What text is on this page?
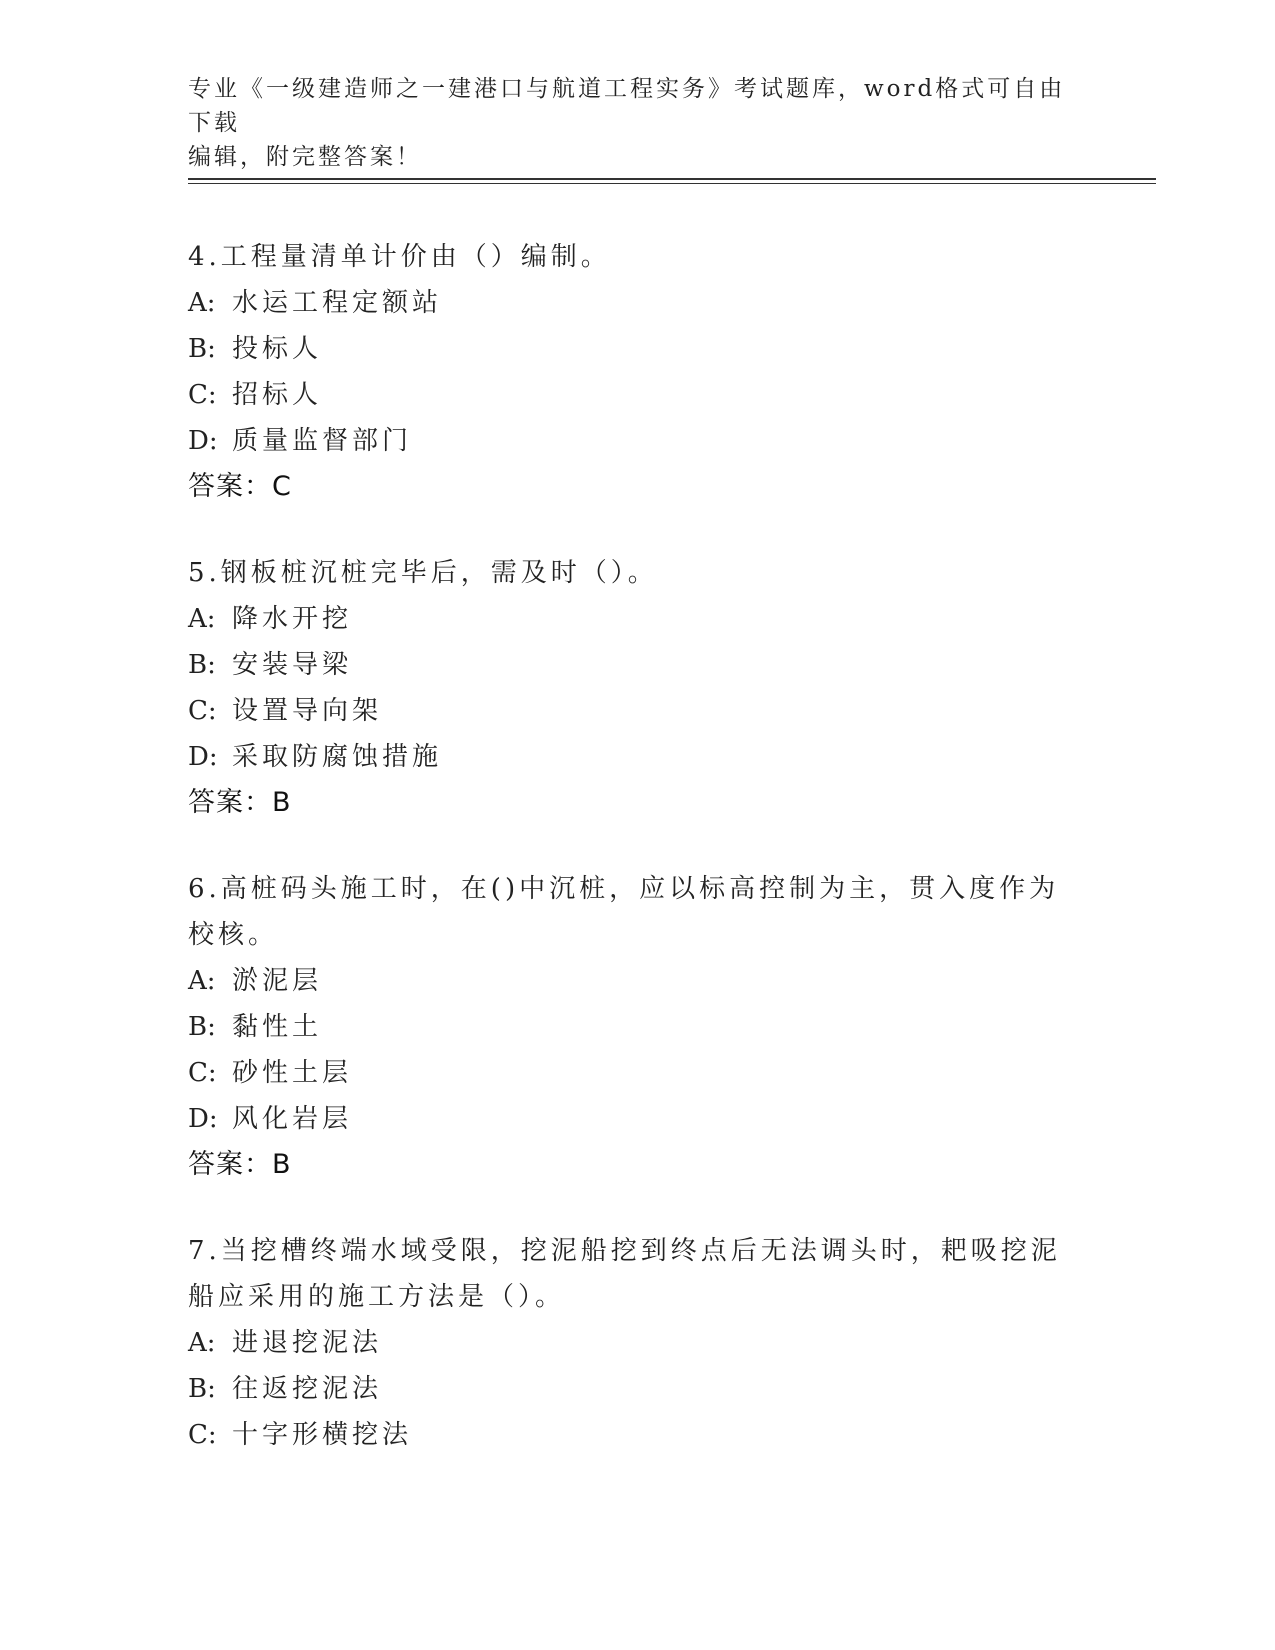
专业《一级建造师之一建港口与航道工程实务》考试题库，word格式可自由下载
编辑，附完整答案！
4.工程量清单计价由（）编制。
A: 水运工程定额站
B: 投标人
C: 招标人
D: 质量监督部门
答案：C
5.钢板桩沉桩完毕后，需及时（）。
A: 降水开挖
B: 安装导梁
C: 设置导向架
D: 采取防腐蚀措施
答案：B
6.高桩码头施工时，在()中沉桩，应以标高控制为主，贯入度作为校核。
A: 淤泥层
B: 黏性土
C: 砂性土层
D: 风化岩层
答案：B
7.当挖槽终端水域受限，挖泥船挖到终点后无法调头时，耙吸挖泥船应采用的施工方法是（）。
A: 进退挖泥法
B: 往返挖泥法
C: 十字形横挖法
